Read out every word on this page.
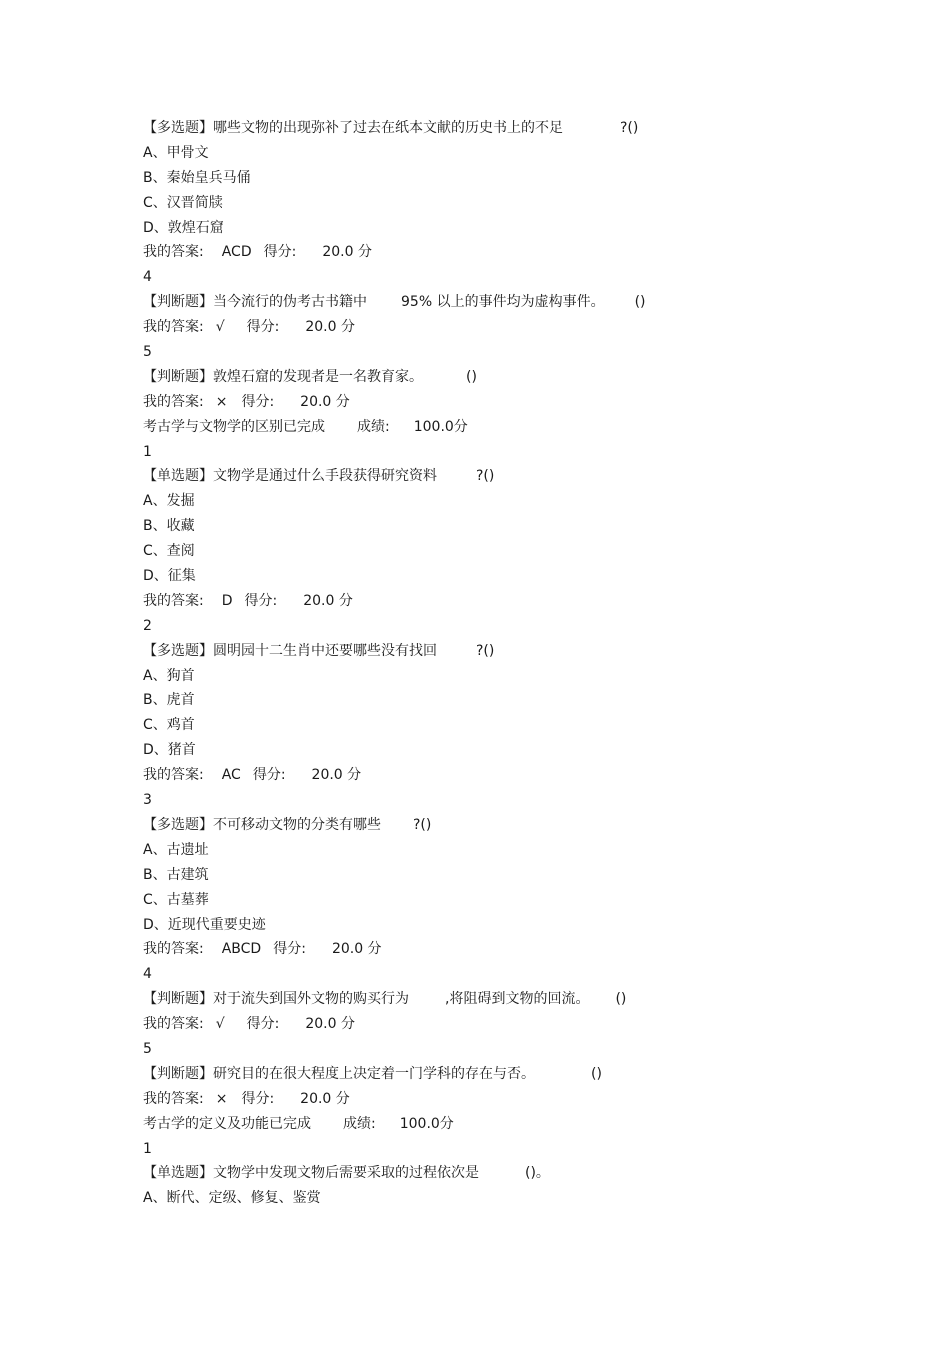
【多选题】哪些文物的出现弥补了过去在纸本文献的历史书上的不足	?()
A、甲骨文
B、秦始皇兵马俑
C、汉晋简牍
D、敦煌石窟
我的答案: ACD 得分: 20.0 分
4
【判断题】当今流行的伪考古书籍中 95% 以上的事件均为虚构事件。 ()
我的答案: √ 得分: 20.0 分
5
【判断题】敦煌石窟的发现者是一名教育家。	()
我的答案: × 得分: 20.0 分
考古学与文物学的区别已完成 成绩: 100.0分
1
【单选题】文物学是通过什么手段获得研究资料	?()
A、发掘
B、收藏
C、查阅
D、征集
我的答案: D 得分: 20.0 分
2
【多选题】圆明园十二生肖中还要哪些没有找回	?()
A、狗首
B、虎首
C、鸡首
D、猪首
我的答案: AC 得分: 20.0 分
3
【多选题】不可移动文物的分类有哪些 ?()
A、古遗址
B、古建筑
C、古墓葬
D、近现代重要史迹
我的答案: ABCD 得分: 20.0 分
4
【判断题】对于流失到国外文物的购买行为	,将阻碍到文物的回流。 ()
我的答案: √ 得分: 20.0 分
5
【判断题】研究目的在很大程度上决定着一门学科的存在与否。	()
我的答案: × 得分: 20.0 分
考古学的定义及功能已完成 成绩: 100.0分
1
【单选题】文物学中发现文物后需要采取的过程依次是	()。
A、断代、定级、修复、鉴赏
